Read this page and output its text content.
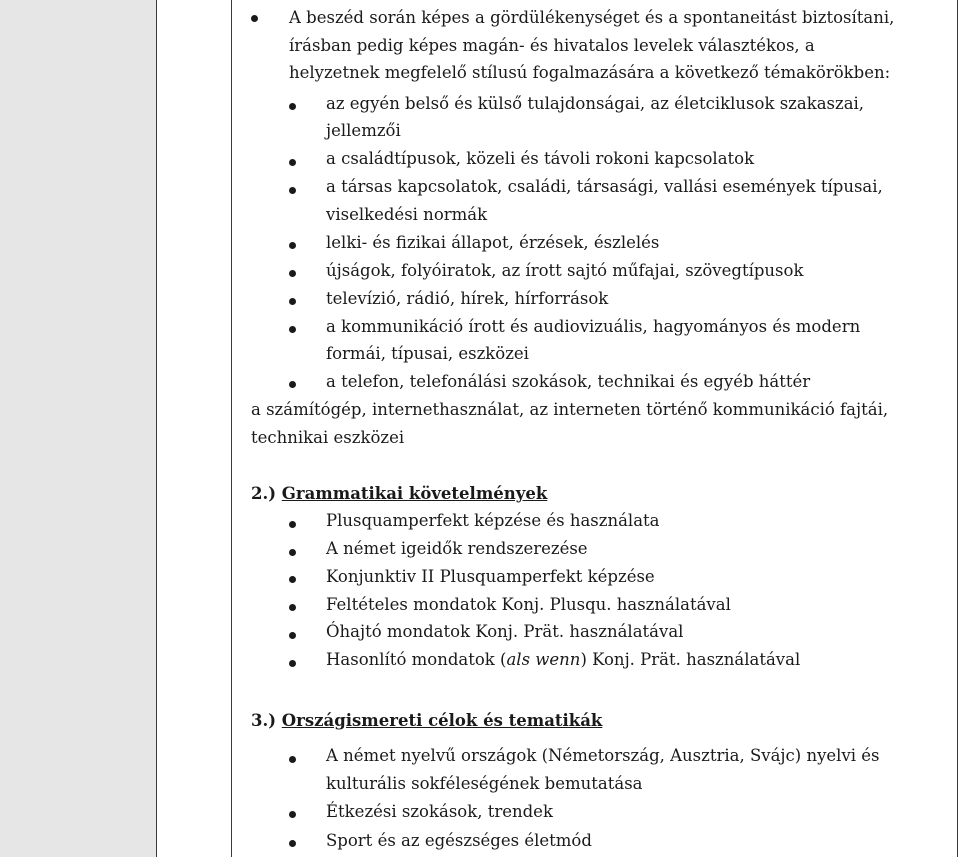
A beszéd során képes a gördülékenységet és a spontaneitást biztosítani,
írásban pedig képes magán- és hivatalos levelek választékos, a
helyzetnek megfelelő stílusú fogalmazására a következő témakörökben:
az egyén belső és külső tulajdonságai, az életciklusok szakaszai,
jellemzői
a családtípusok, közeli és távoli rokoni kapcsolatok
a társas kapcsolatok, családi, társasági, vallási események típusai,
viselkedési normák
lelki- és fizikai állapot, érzések, észlelés
újságok, folyóiratok, az írott sajtó műfajai, szövegtípusok
televízió, rádió, hírek, hírforrások
a kommunikáció írott és audiovizuális, hagyományos és modern
formái, típusai, eszközei
a telefon, telefonálási szokások, technikai és egyéb háttér
a számítógép, internethasználat, az interneten történő kommunikáció fajtái,
technikai eszközei
2.) Grammatikai követelmények
Plusquamperfekt képzése és használata
A német igeidők rendszerezése
Konjunktiv II Plusquamperfekt képzése
Feltételes mondatok Konj. Plusqu. használatával
Óhajtó mondatok Konj. Prät. használatával
Hasonlító mondatok (als wenn) Konj. Prät. használatával
3.) Országismereti célok és tematikák
A német nyelvű országok (Németország, Ausztria, Svájc) nyelvi és
kulturális sokféleségének bemutatása
Étkezési szokások, trendek
Sport és az egészséges életmód
